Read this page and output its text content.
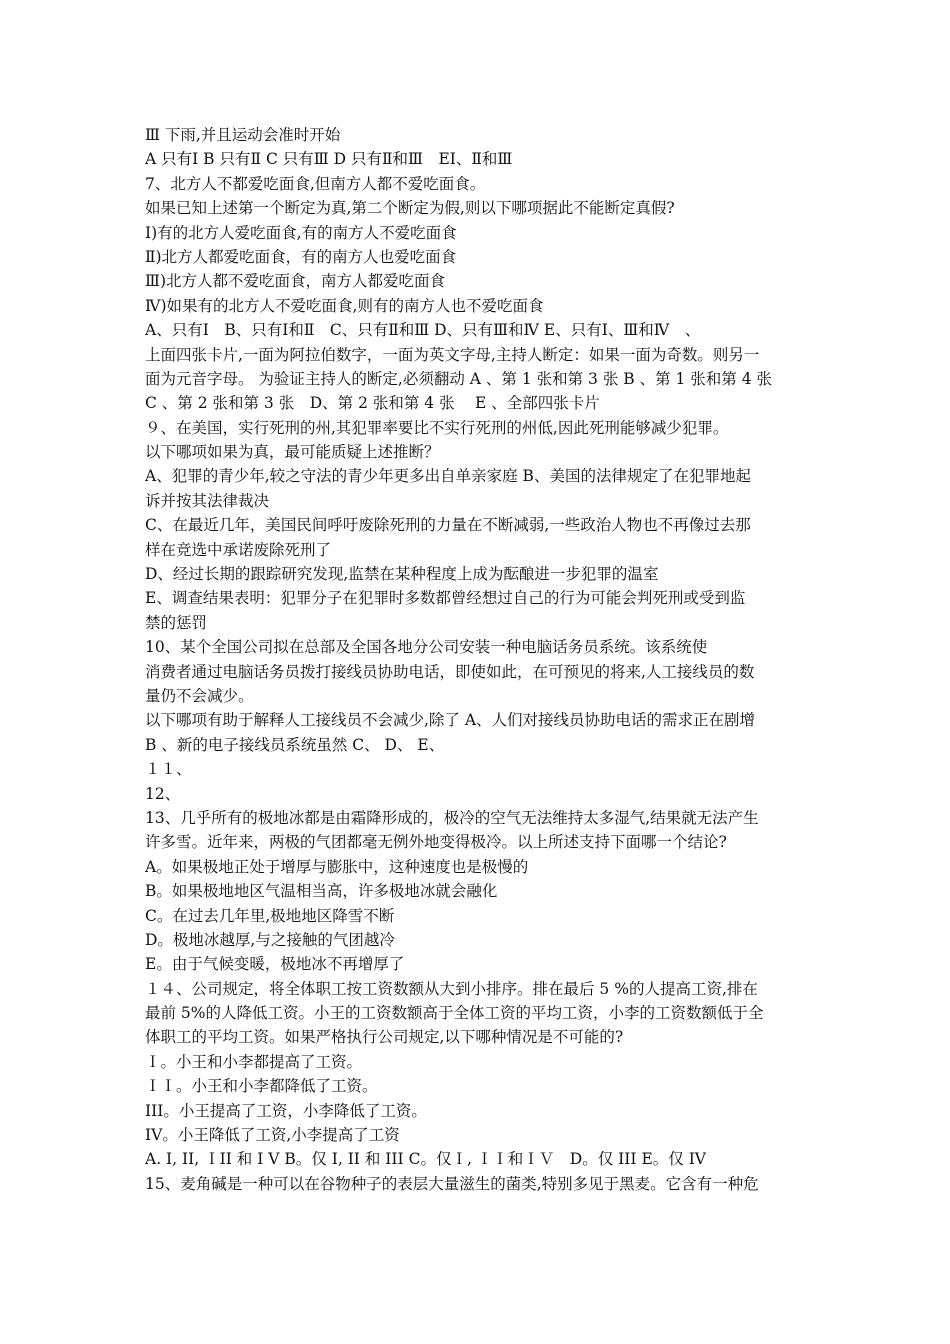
Ⅲ 下雨,并且运动会准时开始
A 只有Ⅰ B 只有Ⅱ C 只有Ⅲ D 只有Ⅱ和Ⅲ　EⅠ、Ⅱ和Ⅲ
7、北方人不都爱吃面食,但南方人都不爱吃面食。
如果已知上述第一个断定为真,第二个断定为假,则以下哪项据此不能断定真假?
Ⅰ)有的北方人爱吃面食,有的南方人不爱吃面食
Ⅱ)北方人都爱吃面食，有的南方人也爱吃面食
Ⅲ)北方人都不爱吃面食，南方人都爱吃面食
Ⅳ)如果有的北方人不爱吃面食,则有的南方人也不爱吃面食
A、只有Ⅰ　B、只有Ⅰ和Ⅱ　C、只有Ⅱ和Ⅲ D、只有Ⅲ和Ⅳ E、只有Ⅰ、Ⅲ和Ⅳ　、
上面四张卡片,一面为阿拉伯数字，一面为英文字母,主持人断定：如果一面为奇数。则另一
面为元音字母。 为验证主持人的断定,必须翻动 A 、第 1 张和第 3 张 B 、第 1 张和第 4 张
C 、第 2 张和第 3 张　D、第 2 张和第 4 张　 E 、全部四张卡片
９、在美国，实行死刑的州,其犯罪率要比不实行死刑的州低,因此死刑能够减少犯罪。
以下哪项如果为真，最可能质疑上述推断？
A、犯罪的青少年,较之守法的青少年更多出自单亲家庭 B、美国的法律规定了在犯罪地起
诉并按其法律裁决
C、在最近几年，美国民间呼吁废除死刑的力量在不断减弱,一些政治人物也不再像过去那
样在竞选中承诺废除死刑了
D、经过长期的跟踪研究发现,监禁在某种程度上成为酝酿进一步犯罪的温室
E、调查结果表明：犯罪分子在犯罪时多数都曾经想过自己的行为可能会判死刑或受到监
禁的惩罚
10、某个全国公司拟在总部及全国各地分公司安装一种电脑话务员系统。该系统使
消费者通过电脑话务员拨打接线员协助电话，即使如此，在可预见的将来,人工接线员的数
量仍不会减少。
以下哪项有助于解释人工接线员不会减少,除了 A、人们对接线员协助电话的需求正在剧增
B 、新的电子接线员系统虽然 C、 D、 E、
１１、
12、
13、几乎所有的极地冰都是由霜降形成的，极冷的空气无法维持太多湿气,结果就无法产生
许多雪。近年来，两极的气团都毫无例外地变得极冷。以上所述支持下面哪一个结论?
A。如果极地正处于增厚与膨胀中，这种速度也是极慢的
B。如果极地地区气温相当高，许多极地冰就会融化
C。在过去几年里,极地地区降雪不断
D。极地冰越厚,与之接触的气团越冷
E。由于气候变暖，极地冰不再增厚了
１４、公司规定，将全体职工按工资数额从大到小排序。排在最后 5 %的人提高工资,排在
最前 5%的人降低工资。小王的工资数额高于全体工资的平均工资，小李的工资数额低于全
体职工的平均工资。如果严格执行公司规定,以下哪种情况是不可能的?
Ｉ。小王和小李都提高了工资。
ＩＩ。小王和小李都降低了工资。
III。小王提高了工资，小李降低了工资。
IV。小王降低了工资,小李提高了工资
A. I, II, ＩII 和 I V B。仅 I, II 和 III C。仅Ｉ, ＩＩ和ＩＶ　D。仅 III E。仅 IV
15、麦角碱是一种可以在谷物种子的表层大量滋生的菌类,特别多见于黑麦。它含有一种危
